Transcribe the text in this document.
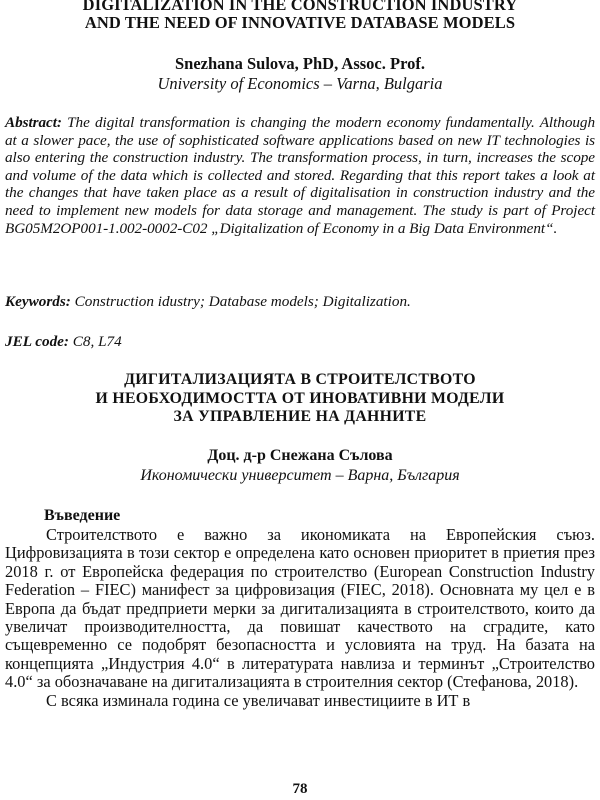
DIGITALIZATION IN THE CONSTRUCTION INDUSTRY
AND THE NEED OF INNOVATIVE DATABASE MODELS
Snezhana Sulova, PhD, Assoc. Prof.
University of Economics – Varna, Bulgaria
Abstract: The digital transformation is changing the modern economy fundamentally. Although at a slower pace, the use of sophisticated software applications based on new IT technologies is also entering the construction industry. The transformation process, in turn, increases the scope and volume of the data which is collected and stored. Regarding that this report takes a look at the changes that have taken place as a result of digitalisation in construction industry and the need to implement new models for data storage and management. The study is part of Project BG05M2OP001-1.002-0002-C02 „Digitalization of Economy in a Big Data Environment“.
Keywords: Construction idustry; Database models; Digitalization.
JEL code: C8, L74
ДИГИТАЛИЗАЦИЯТА В СТРОИТЕЛСТВОТО
И НЕОБХОДИМОСТТА ОТ ИНОВАТИВНИ МОДЕЛИ
ЗА УПРАВЛЕНИЕ НА ДАННИТЕ
Доц. д-р Снежана Сълова
Икономически университет – Варна, България
Въведение

Строителството е важно за икономиката на Европейския съюз. Цифровизацията в този сектор е определена като основен приоритет в приетия през 2018 г. от Европейска федерация по строителство (European Construction Industry Federation – FIEC) манифест за цифровизация (FIEC, 2018). Основната му цел е в Европа да бъдат предприети мерки за дигитализацията в строителството, които да увеличат производителността, да повишат качеството на сградите, като същевременно се подобрят безопасността и условията на труд. На базата на концепцията „Индустрия 4.0“ в литературата навлиза и терминът „Строителство 4.0“ за обозначаване на дигитализацията в строителния сектор (Стефанова, 2018).

С всяка изминала година се увеличават инвестициите в ИТ в

78
